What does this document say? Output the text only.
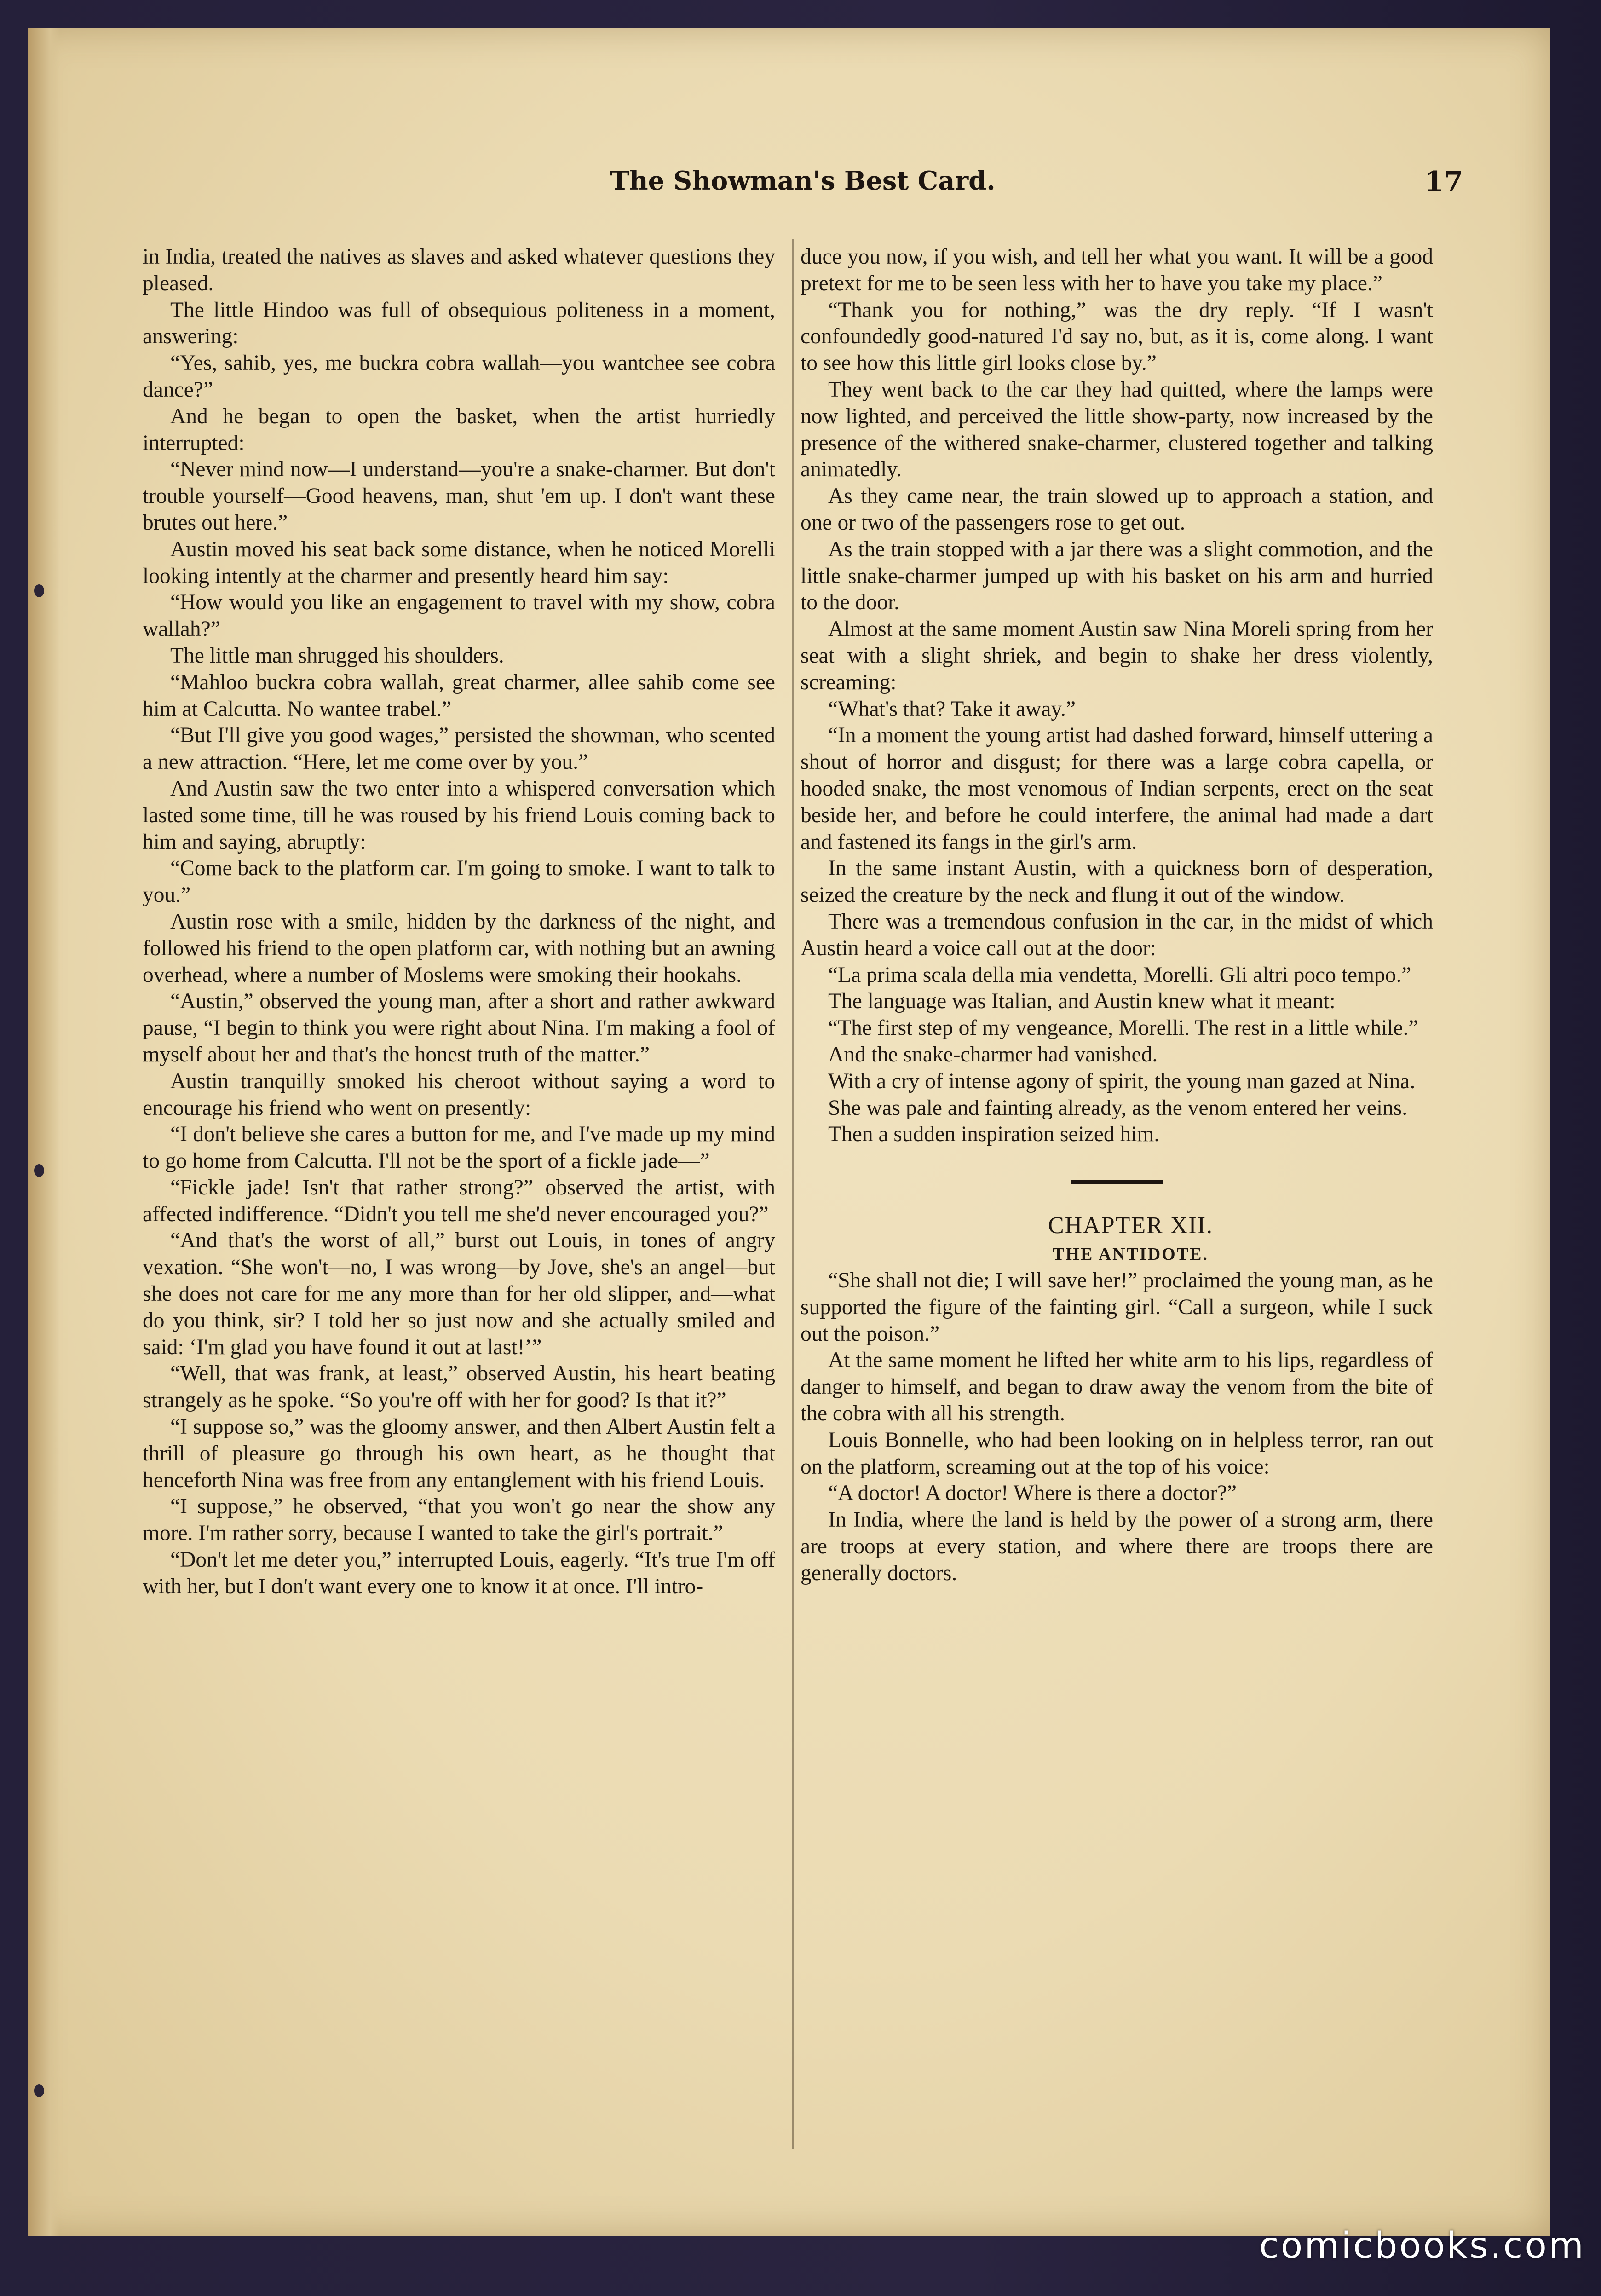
The Showman's Best Card.	17

in India, treated the natives as slaves and asked whatever questions they pleased.

The little Hindoo was full of obsequious politeness in a moment, answering:

“Yes, sahib, yes, me buckra cobra wallah—you wantchee see cobra dance?”

And he began to open the basket, when the artist hurriedly interrupted:

“Never mind now—I understand—you're a snake-charmer. But don't trouble yourself—Good heavens, man, shut 'em up. I don't want these brutes out here.”

Austin moved his seat back some distance, when he noticed Morelli looking intently at the charmer and presently heard him say:

“How would you like an engagement to travel with my show, cobra wallah?”

The little man shrugged his shoulders.

“Mahloo buckra cobra wallah, great charmer, allee sahib come see him at Calcutta. No wantee trabel.”

“But I'll give you good wages,” persisted the showman, who scented a new attraction. “Here, let me come over by you.”

And Austin saw the two enter into a whispered conversation which lasted some time, till he was roused by his friend Louis coming back to him and saying, abruptly:

“Come back to the platform car. I'm going to smoke. I want to talk to you.”

Austin rose with a smile, hidden by the darkness of the night, and followed his friend to the open platform car, with nothing but an awning overhead, where a number of Moslems were smoking their hookahs.

“Austin,” observed the young man, after a short and rather awkward pause, “I begin to think you were right about Nina. I'm making a fool of myself about her and that's the honest truth of the matter.”

Austin tranquilly smoked his cheroot without saying a word to encourage his friend who went on presently:

“I don't believe she cares a button for me, and I've made up my mind to go home from Calcutta. I'll not be the sport of a fickle jade—”

“Fickle jade! Isn't that rather strong?” observed the artist, with affected indifference. “Didn't you tell me she'd never encouraged you?”

“And that's the worst of all,” burst out Louis, in tones of angry vexation. “She won't—no, I was wrong—by Jove, she's an angel—but she does not care for me any more than for her old slipper, and—what do you think, sir? I told her so just now and she actually smiled and said: ‘I'm glad you have found it out at last!’”

“Well, that was frank, at least,” observed Austin, his heart beating strangely as he spoke. “So you're off with her for good? Is that it?”

“I suppose so,” was the gloomy answer, and then Albert Austin felt a thrill of pleasure go through his own heart, as he thought that henceforth Nina was free from any entanglement with his friend Louis.

“I suppose,” he observed, “that you won't go near the show any more. I'm rather sorry, because I wanted to take the girl's portrait.”

“Don't let me deter you,” interrupted Louis, eagerly. “It's true I'm off with her, but I don't want every one to know it at once. I'll intro-

duce you now, if you wish, and tell her what you want. It will be a good pretext for me to be seen less with her to have you take my place.”

“Thank you for nothing,” was the dry reply. “If I wasn't confoundedly good-natured I'd say no, but, as it is, come along. I want to see how this little girl looks close by.”

They went back to the car they had quitted, where the lamps were now lighted, and perceived the little show-party, now increased by the presence of the withered snake-charmer, clustered together and talking animatedly.

As they came near, the train slowed up to approach a station, and one or two of the passengers rose to get out.

As the train stopped with a jar there was a slight commotion, and the little snake-charmer jumped up with his basket on his arm and hurried to the door.

Almost at the same moment Austin saw Nina Moreli spring from her seat with a slight shriek, and begin to shake her dress violently, screaming:

“What's that? Take it away.”

“In a moment the young artist had dashed forward, himself uttering a shout of horror and disgust; for there was a large cobra capella, or hooded snake, the most venomous of Indian serpents, erect on the seat beside her, and before he could interfere, the animal had made a dart and fastened its fangs in the girl's arm.

In the same instant Austin, with a quickness born of desperation, seized the creature by the neck and flung it out of the window.

There was a tremendous confusion in the car, in the midst of which Austin heard a voice call out at the door:

“La prima scala della mia vendetta, Morelli. Gli altri poco tempo.”

The language was Italian, and Austin knew what it meant:

“The first step of my vengeance, Morelli. The rest in a little while.”

And the snake-charmer had vanished.

With a cry of intense agony of spirit, the young man gazed at Nina.

She was pale and fainting already, as the venom entered her veins.

Then a sudden inspiration seized him.

CHAPTER XII.

THE ANTIDOTE.

“She shall not die; I will save her!” proclaimed the young man, as he supported the figure of the fainting girl. “Call a surgeon, while I suck out the poison.”

At the same moment he lifted her white arm to his lips, regardless of danger to himself, and began to draw away the venom from the bite of the cobra with all his strength.

Louis Bonnelle, who had been looking on in helpless terror, ran out on the platform, screaming out at the top of his voice:

“A doctor! A doctor! Where is there a doctor?”

In India, where the land is held by the power of a strong arm, there are troops at every station, and where there are troops there are generally doctors.

comicbooks.com
